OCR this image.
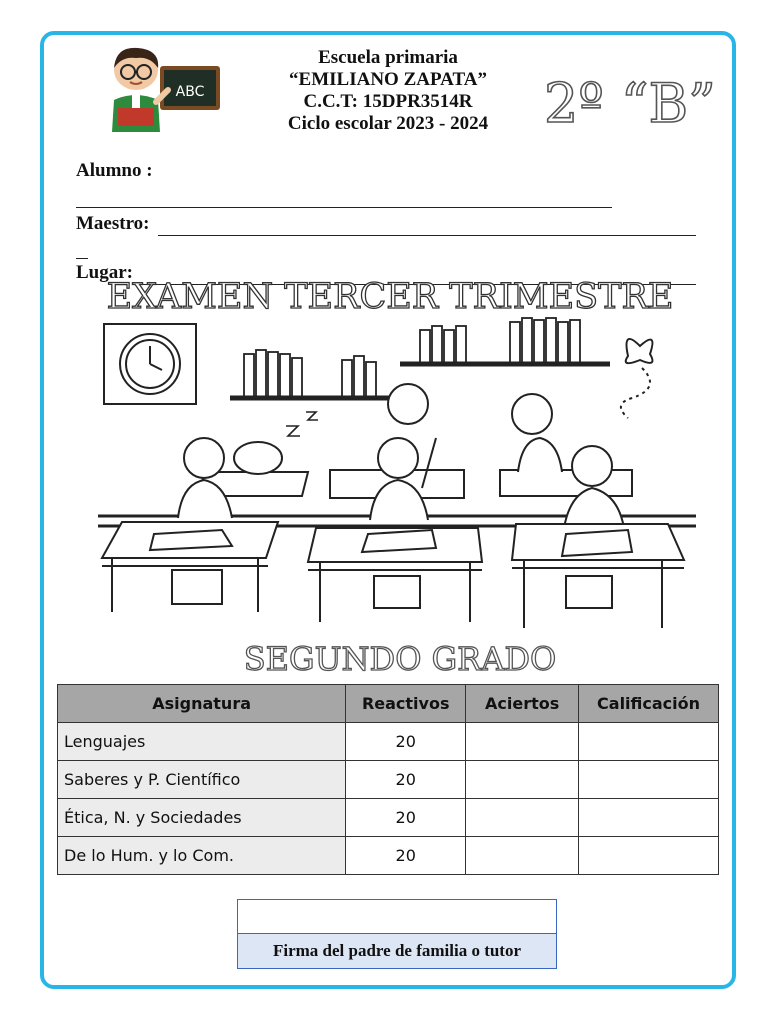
ABC
Escuela primaria
“EMILIANO ZAPATA”
C.C.T: 15DPR3514R
Ciclo escolar 2023 - 2024	2º “B”
Alumno :
Maestro:
Lugar:
EXAMEN TERCER TRIMESTRE
SEGUNDO GRADO
Asignatura	Reactivos	Aciertos	Calificación
Lenguajes	20		
Saberes y P. Científico	20		
Ética, N. y Sociedades	20		
De lo Hum. y lo Com.	20		
Firma del padre de familia o tutor
